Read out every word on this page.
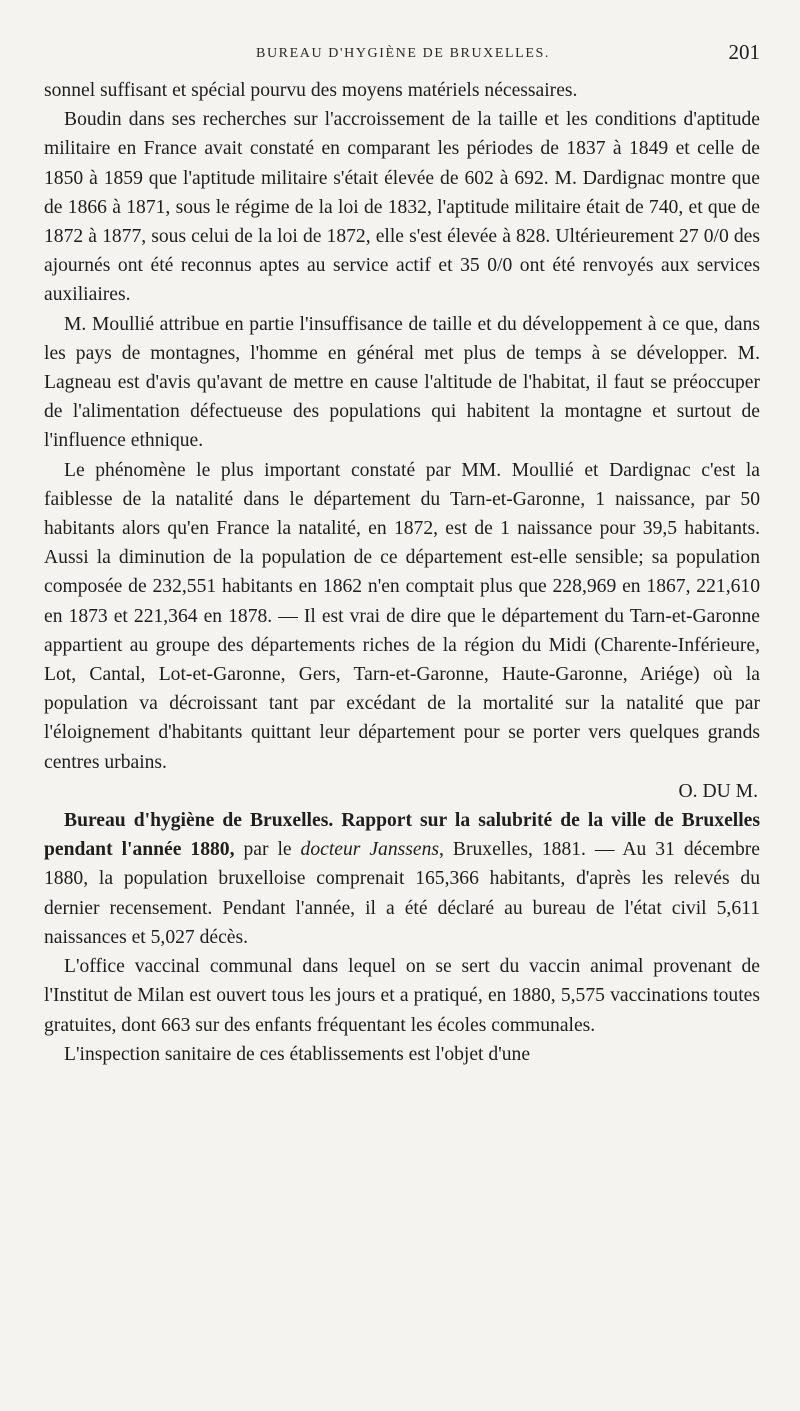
BUREAU D'HYGIÈNE DE BRUXELLES.	201

sonnel suffisant et spécial pourvu des moyens matériels nécessaires.

Boudin dans ses recherches sur l'accroissement de la taille et les conditions d'aptitude militaire en France avait constaté en comparant les périodes de 1837 à 1849 et celle de 1850 à 1859 que l'aptitude militaire s'était élevée de 602 à 692. M. Dardignac montre que de 1866 à 1871, sous le régime de la loi de 1832, l'aptitude militaire était de 740, et que de 1872 à 1877, sous celui de la loi de 1872, elle s'est élevée à 828. Ultérieurement 27 0/0 des ajournés ont été reconnus aptes au service actif et 35 0/0 ont été renvoyés aux services auxiliaires.

M. Moullié attribue en partie l'insuffisance de taille et du développement à ce que, dans les pays de montagnes, l'homme en général met plus de temps à se développer. M. Lagneau est d'avis qu'avant de mettre en cause l'altitude de l'habitat, il faut se préoccuper de l'alimentation défectueuse des populations qui habitent la montagne et surtout de l'influence ethnique.

Le phénomène le plus important constaté par MM. Moullié et Dardignac c'est la faiblesse de la natalité dans le département du Tarn-et-Garonne, 1 naissance, par 50 habitants alors qu'en France la natalité, en 1872, est de 1 naissance pour 39,5 habitants. Aussi la diminution de la population de ce département est-elle sensible; sa population composée de 232,551 habitants en 1862 n'en comptait plus que 228,969 en 1867, 221,610 en 1873 et 221,364 en 1878. — Il est vrai de dire que le département du Tarn-et-Garonne appartient au groupe des départements riches de la région du Midi (Charente-Inférieure, Lot, Cantal, Lot-et-Garonne, Gers, Tarn-et-Garonne, Haute-Garonne, Ariége) où la population va décroissant tant par excédant de la mortalité sur la natalité que par l'éloignement d'habitants quittant leur département pour se porter vers quelques grands centres urbains.

O. DU M.

Bureau d'hygiène de Bruxelles. Rapport sur la salubrité de la ville de Bruxelles pendant l'année 1880, par le docteur Janssens, Bruxelles, 1881. — Au 31 décembre 1880, la population bruxelloise comprenait 165,366 habitants, d'après les relevés du dernier recensement. Pendant l'année, il a été déclaré au bureau de l'état civil 5,611 naissances et 5,027 décès.

L'office vaccinal communal dans lequel on se sert du vaccin animal provenant de l'Institut de Milan est ouvert tous les jours et a pratiqué, en 1880, 5,575 vaccinations toutes gratuites, dont 663 sur des enfants fréquentant les écoles communales.

L'inspection sanitaire de ces établissements est l'objet d'une
